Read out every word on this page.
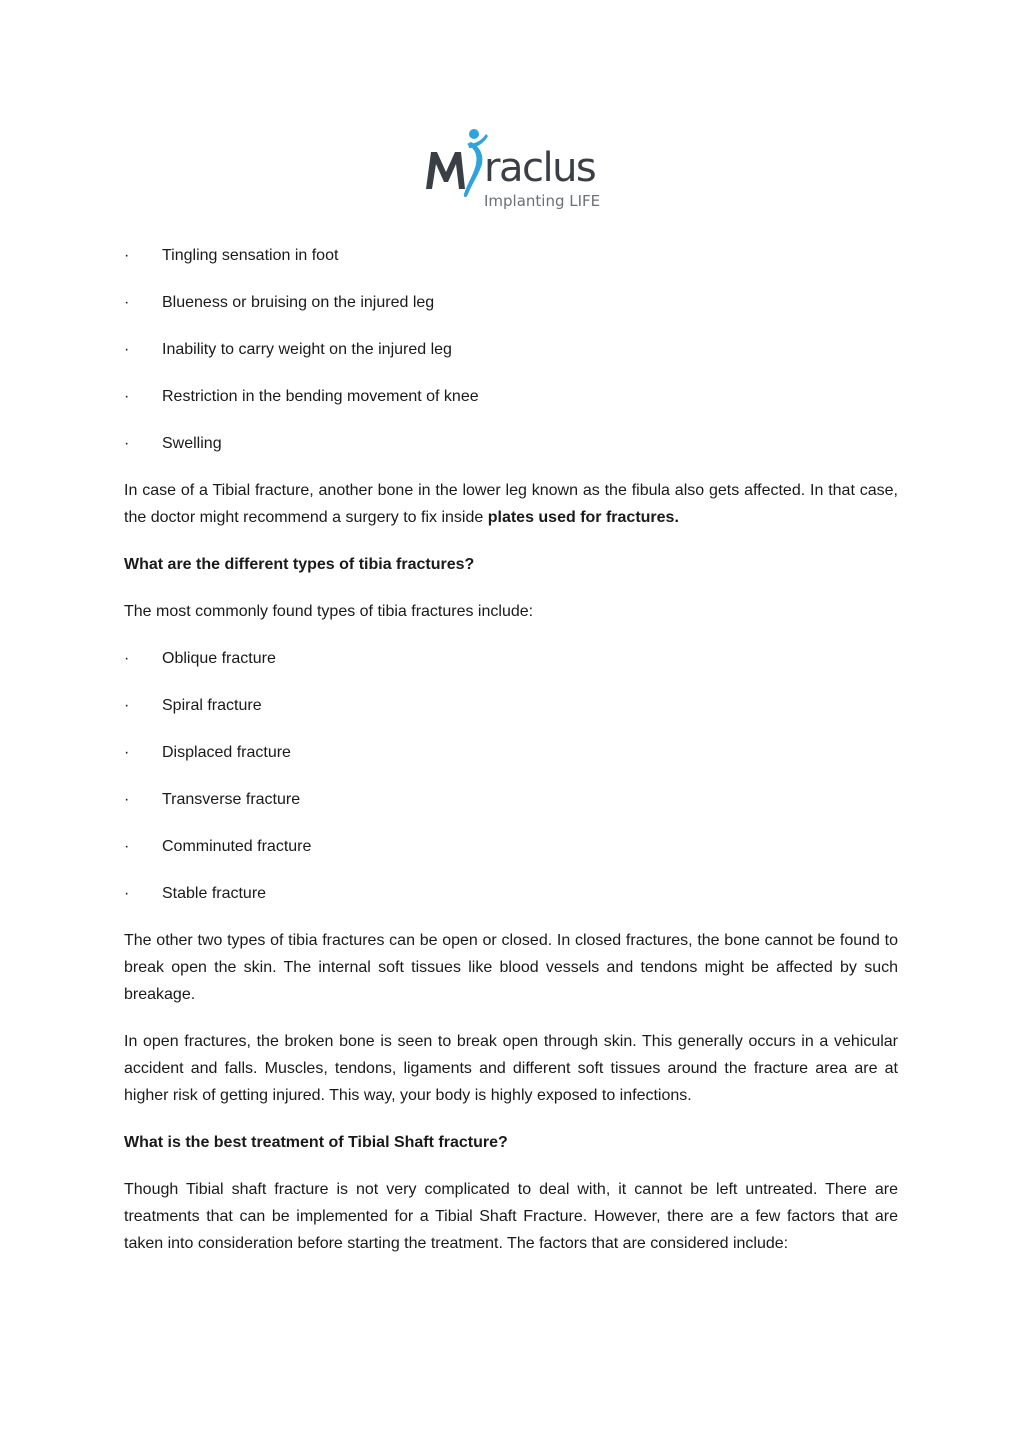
raclus
Implanting LIFE
·	Tingling sensation in foot
·	Blueness or bruising on the injured leg
·	Inability to carry weight on the injured leg
·	Restriction in the bending movement of knee
·	Swelling

In case of a Tibial fracture, another bone in the lower leg known as the fibula also gets affected. In that case, the doctor might recommend a surgery to fix inside plates used for fractures.

What are the different types of tibia fractures?

The most commonly found types of tibia fractures include:

·	Oblique fracture
·	Spiral fracture
·	Displaced fracture
·	Transverse fracture
·	Comminuted fracture
·	Stable fracture

The other two types of tibia fractures can be open or closed. In closed fractures, the bone cannot be found to break open the skin. The internal soft tissues like blood vessels and tendons might be affected by such breakage.

In open fractures, the broken bone is seen to break open through skin. This generally occurs in a vehicular accident and falls. Muscles, tendons, ligaments and different soft tissues around the fracture area are at higher risk of getting injured. This way, your body is highly exposed to infections.

What is the best treatment of Tibial Shaft fracture?

Though Tibial shaft fracture is not very complicated to deal with, it cannot be left untreated. There are treatments that can be implemented for a Tibial Shaft Fracture. However, there are a few factors that are taken into consideration before starting the treatment. The factors that are considered include:
